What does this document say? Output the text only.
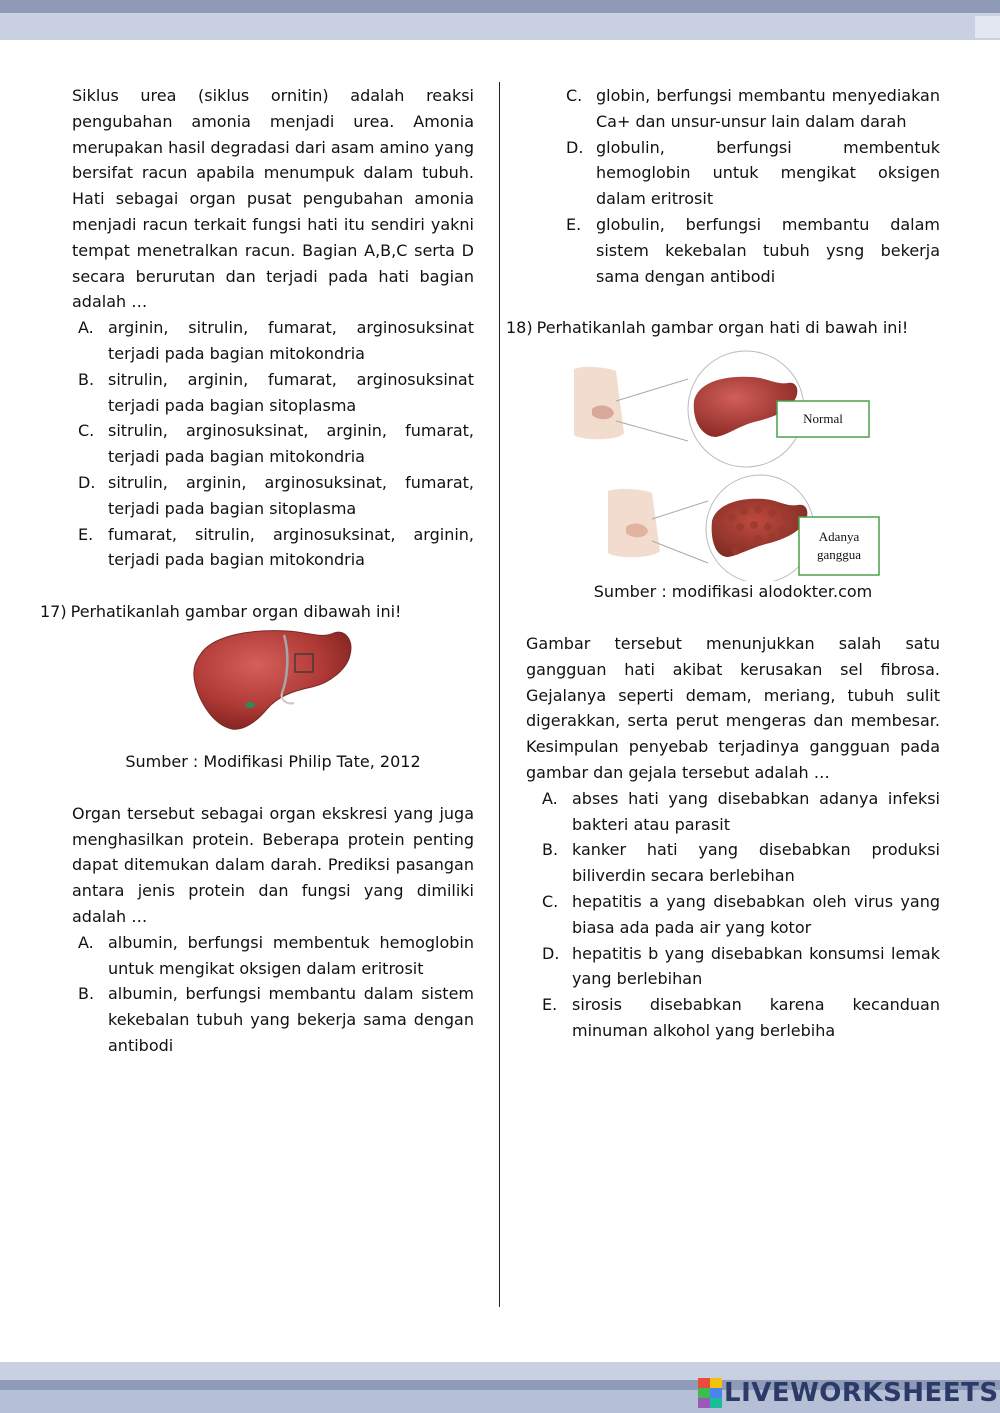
Siklus urea (siklus ornitin) adalah reaksi pengubahan amonia menjadi urea. Amonia merupakan hasil degradasi dari asam amino yang bersifat racun apabila menumpuk dalam tubuh. Hati sebagai organ pusat pengubahan amonia menjadi racun terkait fungsi hati itu sendiri yakni tempat menetralkan racun. Bagian A,B,C serta D secara berurutan dan terjadi pada hati bagian adalah …

A. arginin, sitrulin, fumarat, arginosuksinat terjadi pada bagian mitokondria
B. sitrulin, arginin, fumarat, arginosuksinat terjadi pada bagian sitoplasma
C. sitrulin, arginosuksinat, arginin, fumarat, terjadi pada bagian mitokondria
D. sitrulin, arginin, arginosuksinat, fumarat, terjadi pada bagian sitoplasma
E. fumarat, sitrulin, arginosuksinat, arginin, terjadi pada bagian mitokondria
17) Perhatikanlah gambar organ dibawah ini!

Sumber : Modifikasi Philip Tate, 2012

Organ tersebut sebagai organ ekskresi yang juga menghasilkan protein. Beberapa protein penting dapat ditemukan dalam darah. Prediksi pasangan antara jenis protein dan fungsi yang dimiliki adalah …

A. albumin, berfungsi membentuk hemoglobin untuk mengikat oksigen dalam eritrosit
B. albumin, berfungsi membantu dalam sistem kekebalan tubuh yang bekerja sama dengan antibodi
C. globin, berfungsi membantu menyediakan Ca+ dan unsur-unsur lain dalam darah
D. globulin, berfungsi membentuk hemoglobin untuk mengikat oksigen dalam eritrosit
E. globulin, berfungsi membantu dalam sistem kekebalan tubuh ysng bekerja sama dengan antibodi
18) Perhatikanlah gambar organ hati di bawah ini!
Normal
Adanya
ganggua

Sumber : modifikasi alodokter.com

Gambar tersebut menunjukkan salah satu gangguan hati akibat kerusakan sel fibrosa. Gejalanya seperti demam, meriang, tubuh sulit digerakkan, serta perut mengeras dan membesar. Kesimpulan penyebab terjadinya gangguan pada gambar dan gejala tersebut adalah …

A. abses hati yang disebabkan adanya infeksi bakteri atau parasit
B. kanker hati yang disebabkan produksi biliverdin secara berlebihan
C. hepatitis a yang disebabkan oleh virus yang biasa ada pada air yang kotor
D. hepatitis b yang disebabkan konsumsi lemak yang berlebihan
E. sirosis disebabkan karena kecanduan minuman alkohol yang berlebiha
LIVEWORKSHEETS
